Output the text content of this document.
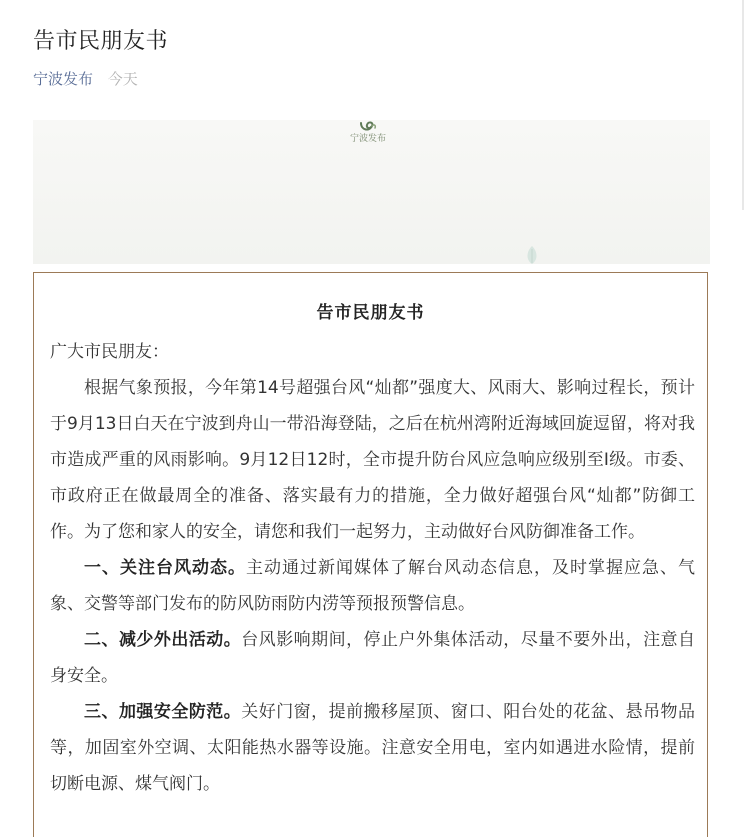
告市民朋友书
宁波发布 今天
宁波发布
告市民朋友书

广大市民朋友：

根据气象预报，今年第14号超强台风“灿都”强度大、风雨大、影响过程长，预计于9月13日白天在宁波到舟山一带沿海登陆，之后在杭州湾附近海域回旋逗留，将对我市造成严重的风雨影响。9月12日12时，全市提升防台风应急响应级别至Ⅰ级。市委、市政府正在做最周全的准备、落实最有力的措施，全力做好超强台风“灿都”防御工作。为了您和家人的安全，请您和我们一起努力，主动做好台风防御准备工作。

一、关注台风动态。主动通过新闻媒体了解台风动态信息，及时掌握应急、气象、交警等部门发布的防风防雨防内涝等预报预警信息。

二、减少外出活动。台风影响期间，停止户外集体活动，尽量不要外出，注意自身安全。

三、加强安全防范。关好门窗，提前搬移屋顶、窗口、阳台处的花盆、悬吊物品等，加固室外空调、太阳能热水器等设施。注意安全用电，室内如遇进水险情，提前切断电源、煤气阀门。
